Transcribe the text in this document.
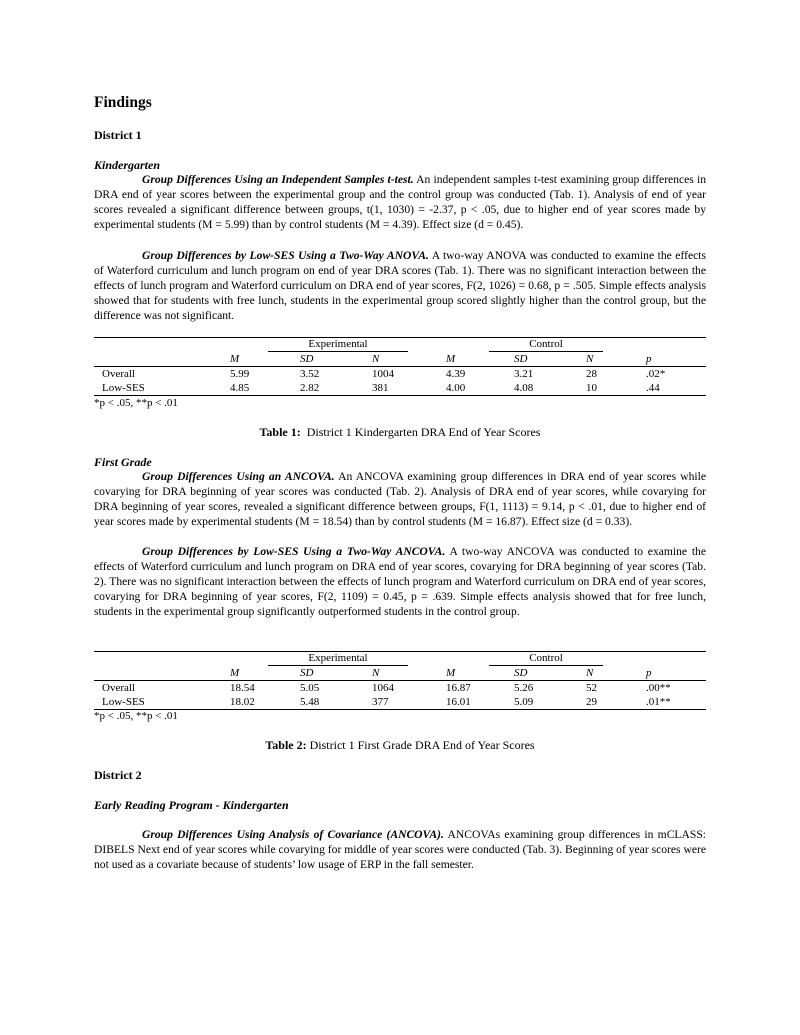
Findings
District 1
Kindergarten

Group Differences Using an Independent Samples t-test. An independent samples t-test examining group differences in DRA end of year scores between the experimental group and the control group was conducted (Tab. 1). Analysis of end of year scores revealed a significant difference between groups, t(1, 1030) = -2.37, p < .05, due to higher end of year scores made by experimental students (M = 5.99) than by control students (M = 4.39). Effect size (d = 0.45).

Group Differences by Low-SES Using a Two-Way ANOVA. A two-way ANOVA was conducted to examine the effects of Waterford curriculum and lunch program on end of year DRA scores (Tab. 1). There was no significant interaction between the effects of lunch program and Waterford curriculum on DRA end of year scores, F(2, 1026) = 0.68, p = .505. Simple effects analysis showed that for students with free lunch, students in the experimental group scored slightly higher than the control group, but the difference was not significant.

	Experimental			Control			
	M	SD	N	M	SD	N	p
Overall	5.99	3.52	1004	4.39	3.21	28	.02*
Low-SES	4.85	2.82	381	4.00	4.08	10	.44
*p < .05, **p < .01
Table 1: District 1 Kindergarten DRA End of Year Scores
First Grade

Group Differences Using an ANCOVA. An ANCOVA examining group differences in DRA end of year scores while covarying for DRA beginning of year scores was conducted (Tab. 2). Analysis of DRA end of year scores, while covarying for DRA beginning of year scores, revealed a significant difference between groups, F(1, 1113) = 9.14, p < .01, due to higher end of year scores made by experimental students (M = 18.54) than by control students (M = 16.87). Effect size (d = 0.33).

Group Differences by Low-SES Using a Two-Way ANCOVA. A two-way ANCOVA was conducted to examine the effects of Waterford curriculum and lunch program on DRA end of year scores, covarying for DRA beginning of year scores (Tab. 2). There was no significant interaction between the effects of lunch program and Waterford curriculum on DRA end of year scores, covarying for DRA beginning of year scores, F(2, 1109) = 0.45, p = .639. Simple effects analysis showed that for free lunch, students in the experimental group significantly outperformed students in the control group.

	Experimental			Control			
	M	SD	N	M	SD	N	p
Overall	18.54	5.05	1064	16.87	5.26	52	.00**
Low-SES	18.02	5.48	377	16.01	5.09	29	.01**
*p < .05, **p < .01
Table 2: District 1 First Grade DRA End of Year Scores
District 2
Early Reading Program - Kindergarten

Group Differences Using Analysis of Covariance (ANCOVA). ANCOVAs examining group differences in mCLASS: DIBELS Next end of year scores while covarying for middle of year scores were conducted (Tab. 3). Beginning of year scores were not used as a covariate because of students’ low usage of ERP in the fall semester.
